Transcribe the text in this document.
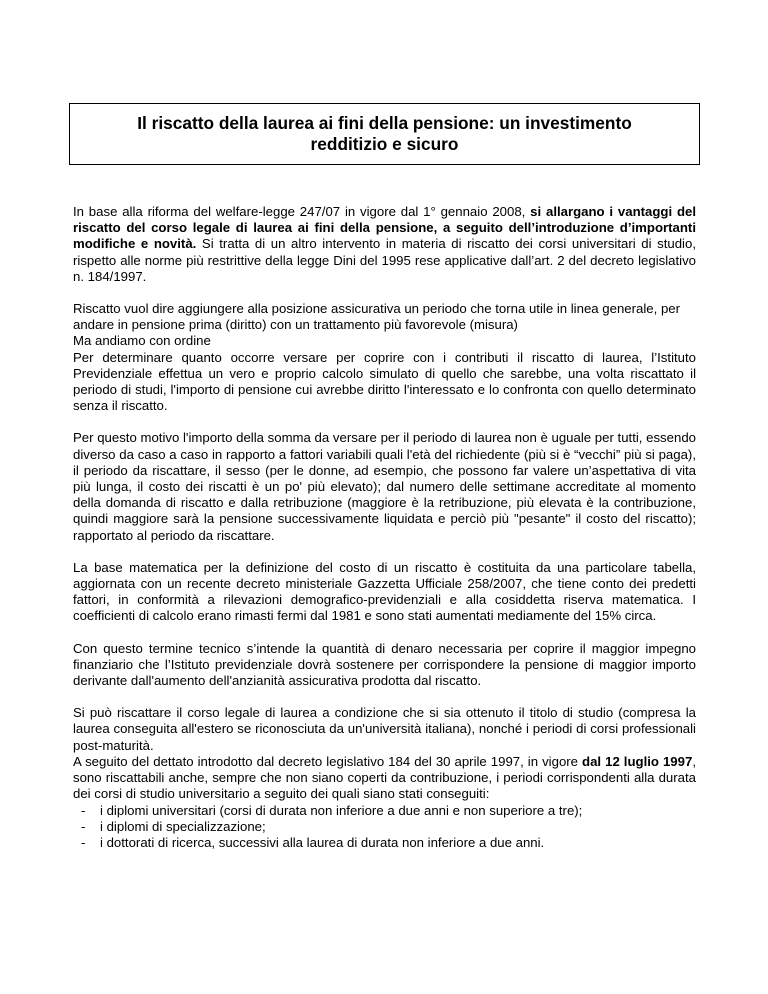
Il riscatto della laurea ai fini della pensione: un investimento redditizio e sicuro

In base alla riforma del welfare-legge 247/07 in vigore dal 1° gennaio 2008, si allargano i vantaggi del riscatto del corso legale di laurea ai fini della pensione, a seguito dell’introduzione d’importanti modifiche e novità. Si tratta di un altro intervento in materia di riscatto dei corsi universitari di studio, rispetto alle norme più restrittive della legge Dini del 1995 rese applicative dall’art. 2 del decreto legislativo n. 184/1997.

Riscatto vuol dire aggiungere alla posizione assicurativa un periodo che torna utile in linea generale, per andare in pensione prima (diritto) con un trattamento più favorevole (misura)

Ma andiamo con ordine

Per determinare quanto occorre versare per coprire con i contributi il riscatto di laurea, l’Istituto Previdenziale effettua un vero e proprio calcolo simulato di quello che sarebbe, una volta riscattato il periodo di studi, l'importo di pensione cui avrebbe diritto l'interessato e lo confronta con quello determinato senza il riscatto.

Per questo motivo l'importo della somma da versare per il periodo di laurea non è uguale per tutti, essendo diverso da caso a caso in rapporto a fattori variabili quali l'età del richiedente (più si è “vecchi” più si paga), il periodo da riscattare, il sesso (per le donne, ad esempio, che possono far valere un’aspettativa di vita più lunga, il costo dei riscatti è un po' più elevato); dal numero delle settimane accreditate al momento della domanda di riscatto e dalla retribuzione (maggiore è la retribuzione, più elevata è la contribuzione, quindi maggiore sarà la pensione successivamente liquidata e perciò più "pesante" il costo del riscatto); rapportato al periodo da riscattare.

La base matematica per la definizione del costo di un riscatto è costituita da una particolare tabella, aggiornata con un recente decreto ministeriale Gazzetta Ufficiale 258/2007, che tiene conto dei predetti fattori, in conformità a rilevazioni demografico-previdenziali e alla cosiddetta riserva matematica. I coefficienti di calcolo erano rimasti fermi dal 1981 e sono stati aumentati mediamente del 15% circa.

Con questo termine tecnico s’intende la quantità di denaro necessaria per coprire il maggior impegno finanziario che l’Istituto previdenziale dovrà sostenere per corrispondere la pensione di maggior importo derivante dall'aumento dell'anzianità assicurativa prodotta dal riscatto.

Si può riscattare il corso legale di laurea a condizione che si sia ottenuto il titolo di studio (compresa la laurea conseguita all'estero se riconosciuta da un'università italiana), nonché i periodi di corsi professionali post-maturità.

A seguito del dettato introdotto dal decreto legislativo 184 del 30 aprile 1997, in vigore dal 12 luglio 1997, sono riscattabili anche, sempre che non siano coperti da contribuzione, i periodi corrispondenti alla durata dei corsi di studio universitario a seguito dei quali siano stati conseguiti:

- i diplomi universitari (corsi di durata non inferiore a due anni e non superiore a tre);
- i diplomi di specializzazione;
- i dottorati di ricerca, successivi alla laurea di durata non inferiore a due anni.
